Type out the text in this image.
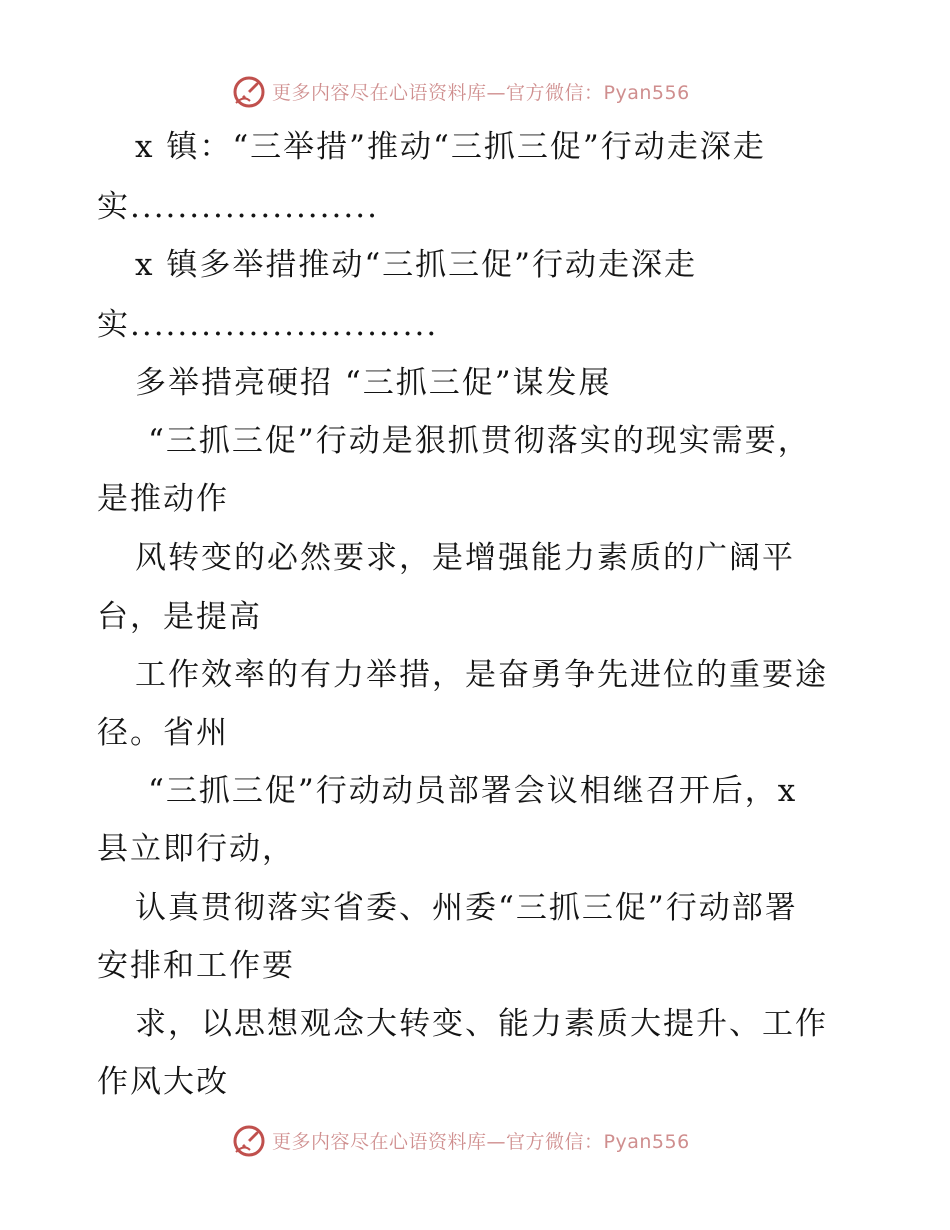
更多内容尽在心语资料库—官方微信：Pyan556
x 镇：“三举措”推动“三抓三促”行动走深走
实.....................
x 镇多举措推动“三抓三促”行动走深走
实..........................
多举措亮硬招 “三抓三促”谋发展
“三抓三促”行动是狠抓贯彻落实的现实需要，
是推动作
风转变的必然要求，是增强能力素质的广阔平
台，是提高
工作效率的有力举措，是奋勇争先进位的重要途
径。省州
“三抓三促”行动动员部署会议相继召开后，x
县立即行动，
认真贯彻落实省委、州委“三抓三促”行动部署
安排和工作要
求，以思想观念大转变、能力素质大提升、工作
作风大改
更多内容尽在心语资料库—官方微信：Pyan556
